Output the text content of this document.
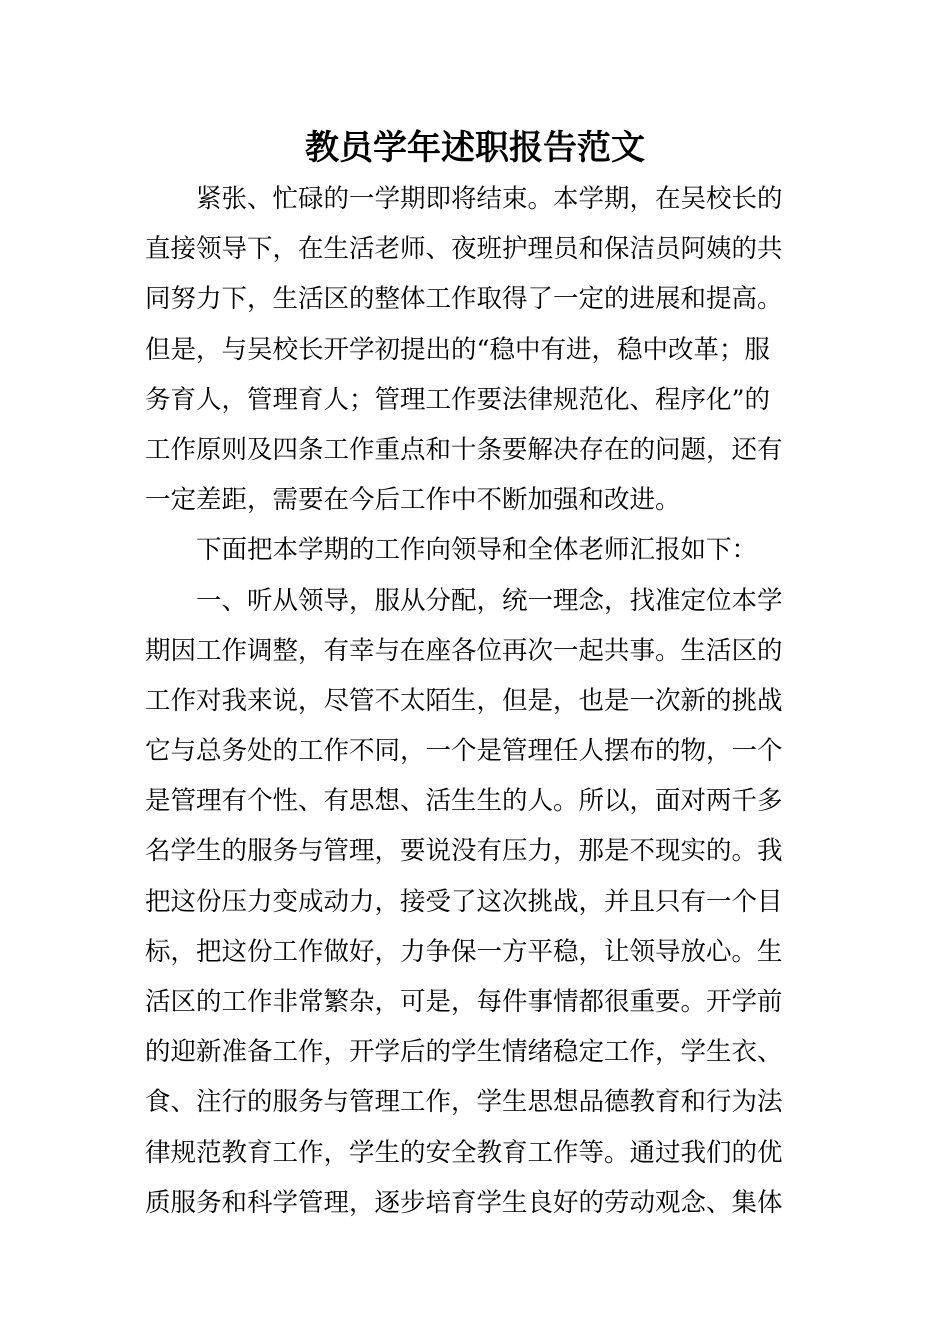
教员学年述职报告范文
　　紧张、忙碌的一学期即将结束。本学期，在吴校长的
直接领导下，在生活老师、夜班护理员和保洁员阿姨的共
同努力下，生活区的整体工作取得了一定的进展和提高。
但是，与吴校长开学初提出的“稳中有进，稳中改革；服
务育人，管理育人；管理工作要法律规范化、程序化”的
工作原则及四条工作重点和十条要解决存在的问题，还有
一定差距，需要在今后工作中不断加强和改进。
　　下面把本学期的工作向领导和全体老师汇报如下：
　　一、听从领导，服从分配，统一理念，找准定位本学
期因工作调整，有幸与在座各位再次一起共事。生活区的
工作对我来说，尽管不太陌生，但是，也是一次新的挑战
它与总务处的工作不同，一个是管理任人摆布的物，一个
是管理有个性、有思想、活生生的人。所以，面对两千多
名学生的服务与管理，要说没有压力，那是不现实的。我
把这份压力变成动力，接受了这次挑战，并且只有一个目
标，把这份工作做好，力争保一方平稳，让领导放心。生
活区的工作非常繁杂，可是，每件事情都很重要。开学前
的迎新准备工作，开学后的学生情绪稳定工作，学生衣、
食、注行的服务与管理工作，学生思想品德教育和行为法
律规范教育工作，学生的安全教育工作等。通过我们的优
质服务和科学管理，逐步培育学生良好的劳动观念、集体
